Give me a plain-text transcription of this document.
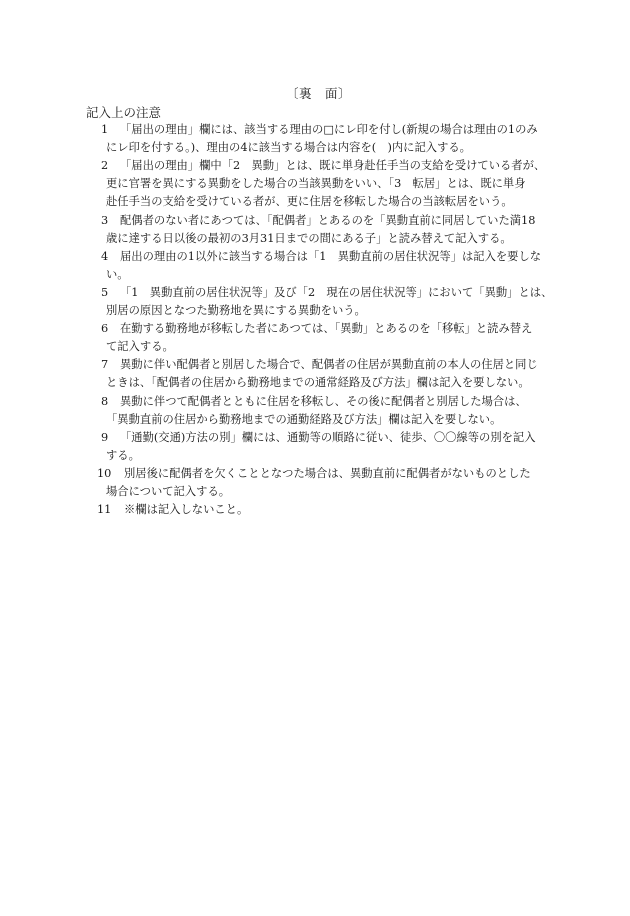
〔裏　面〕
記入上の注意
1 「届出の理由」欄には、該当する理由の□にレ印を付し(新規の場合は理由の1のみ
にレ印を付する。)、理由の4に該当する場合は内容を(　)内に記入する。
2 「届出の理由」欄中「2　異動」とは、既に単身赴任手当の支給を受けている者が、
更に官署を異にする異動をした場合の当該異動をいい、「3　転居」とは、既に単身
赴任手当の支給を受けている者が、更に住居を移転した場合の当該転居をいう。
3 配偶者のない者にあつては、「配偶者」とあるのを「異動直前に同居していた満18
歳に達する日以後の最初の3月31日までの間にある子」と読み替えて記入する。
4 届出の理由の1以外に該当する場合は「1　異動直前の居住状況等」は記入を要しな
い。
5 「1　異動直前の居住状況等」及び「2　現在の居住状況等」において「異動」とは、
別居の原因となつた勤務地を異にする異動をいう。
6 在勤する勤務地が移転した者にあつては、「異動」とあるのを「移転」と読み替え
て記入する。
7 異動に伴い配偶者と別居した場合で、配偶者の住居が異動直前の本人の住居と同じ
ときは、「配偶者の住居から勤務地までの通常経路及び方法」欄は記入を要しない。
8 異動に伴つて配偶者とともに住居を移転し、その後に配偶者と別居した場合は、
「異動直前の住居から勤務地までの通勤経路及び方法」欄は記入を要しない。
9 「通勤(交通)方法の別」欄には、通勤等の順路に従い、徒歩、〇〇線等の別を記入
する。
10 別居後に配偶者を欠くこととなつた場合は、異動直前に配偶者がないものとした
場合について記入する。
11 ※欄は記入しないこと。
